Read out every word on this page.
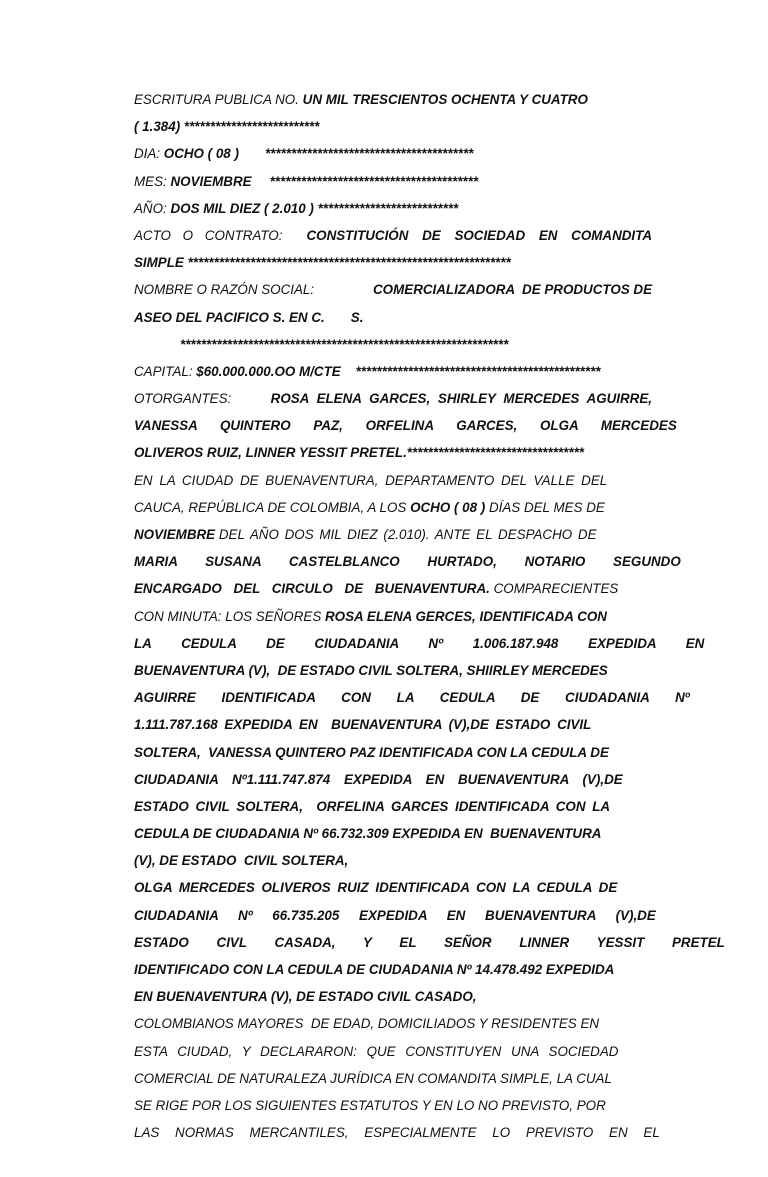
ESCRITURA PUBLICA NO. UN MIL TRESCIENTOS OCHENTA Y CUATRO
( 1.384) **************************
DIA: OCHO ( 08 ) ****************************************
MES: NOVIEMBRE ****************************************
AÑO: DOS MIL DIEZ ( 2.010 ) ***************************
ACTO O CONTRATO: CONSTITUCIÓN DE SOCIEDAD EN COMANDITA
SIMPLE **************************************************************
NOMBRE O RAZÓN SOCIAL:	COMERCIALIZADORA  DE PRODUCTOS DE
ASEO DEL PACIFICO S. EN C.       S.
***************************************************************
CAPITAL: $60.000.000.OO M/CTE ***********************************************
OTORGANTES:	ROSA ELENA GARCES, SHIRLEY MERCEDES AGUIRRE,
VANESSA QUINTERO PAZ, ORFELINA GARCES, OLGA MERCEDES
OLIVEROS RUIZ, LINNER YESSIT PRETEL.**********************************
EN LA CIUDAD DE BUENAVENTURA, DEPARTAMENTO DEL VALLE DEL
CAUCA, REPÚBLICA DE COLOMBIA, A LOS OCHO ( 08 ) DÍAS DEL MES DE
NOVIEMBRE DEL AÑO DOS MIL DIEZ (2.010). ANTE EL DESPACHO DE
MARIA SUSANA CASTELBLANCO HURTADO, NOTARIO SEGUNDO
ENCARGADO DEL CIRCULO DE BUENAVENTURA. COMPARECIENTES
CON MINUTA: LOS SEÑORES ROSA ELENA GERCES, IDENTIFICADA CON
LA CEDULA DE CIUDADANIA Nº 1.006.187.948 EXPEDIDA EN
BUENAVENTURA (V),  DE ESTADO CIVIL SOLTERA, SHIIRLEY MERCEDES
AGUIRRE IDENTIFICADA CON LA CEDULA DE CIUDADANIA Nº
1.111.787.168 EXPEDIDA EN  BUENAVENTURA (V),DE ESTADO CIVIL
SOLTERA,  VANESSA QUINTERO PAZ IDENTIFICADA CON LA CEDULA DE
CIUDADANIA Nº1.111.747.874 EXPEDIDA EN BUENAVENTURA (V),DE
ESTADO CIVIL SOLTERA,  ORFELINA GARCES IDENTIFICADA CON LA
CEDULA DE CIUDADANIA Nº 66.732.309 EXPEDIDA EN  BUENAVENTURA
(V), DE ESTADO  CIVIL SOLTERA,
OLGA MERCEDES OLIVEROS RUIZ IDENTIFICADA CON LA CEDULA DE
CIUDADANIA Nº 66.735.205 EXPEDIDA EN BUENAVENTURA (V),DE
ESTADO CIVL CASADA, Y EL SEÑOR LINNER YESSIT PRETEL
IDENTIFICADO CON LA CEDULA DE CIUDADANIA Nº 14.478.492 EXPEDIDA
EN BUENAVENTURA (V), DE ESTADO CIVIL CASADO,
COLOMBIANOS MAYORES  DE EDAD, DOMICILIADOS Y RESIDENTES EN
ESTA CIUDAD, Y DECLARARON: QUE CONSTITUYEN UNA SOCIEDAD
COMERCIAL DE NATURALEZA JURÍDICA EN COMANDITA SIMPLE, LA CUAL
SE RIGE POR LOS SIGUIENTES ESTATUTOS Y EN LO NO PREVISTO, POR
LAS NORMAS MERCANTILES, ESPECIALMENTE LO PREVISTO EN EL
